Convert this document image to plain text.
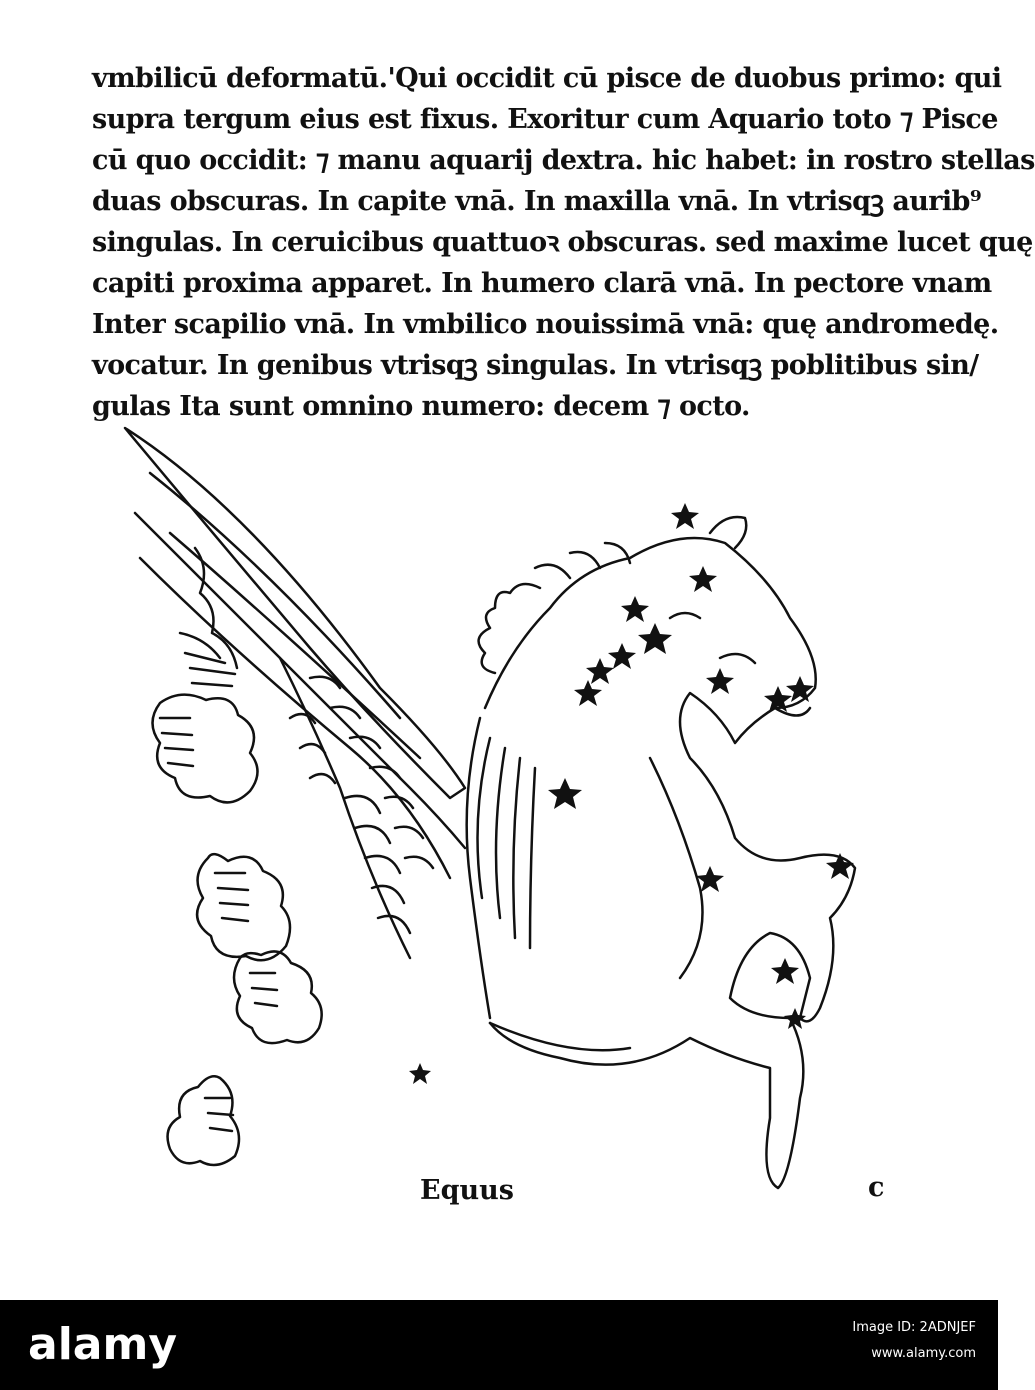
vmbilicū deformatū.'Qui occidit cū pisce de duobus primo: qui
supra tergum eius est fixus. Exoritur cum Aquario toto ⁊ Pisce
cū quo occidit: ⁊ manu aquarij dextra. hic habet: in rostro stellas
duas obscuras. In capite vnā. In maxilla vnā. In vtrisqꝫ aurib⁹
singulas. In ceruicibus quattuoꝛ obscuras. sed maxime lucet quę
capiti proxima apparet. In humero clarā vnā. In pectore vnam
Inter scapilio vnā. In vmbilico nouissimā vnā: quę andromedę.
vocatur. In genibus vtrisqꝫ singulas. In vtrisqꝫ poblitibus sin/
gulas Ita sunt omnino numero: decem ⁊ octo.
Equus	c
alamy	Image ID: 2ADNJEF
www.alamy.com
